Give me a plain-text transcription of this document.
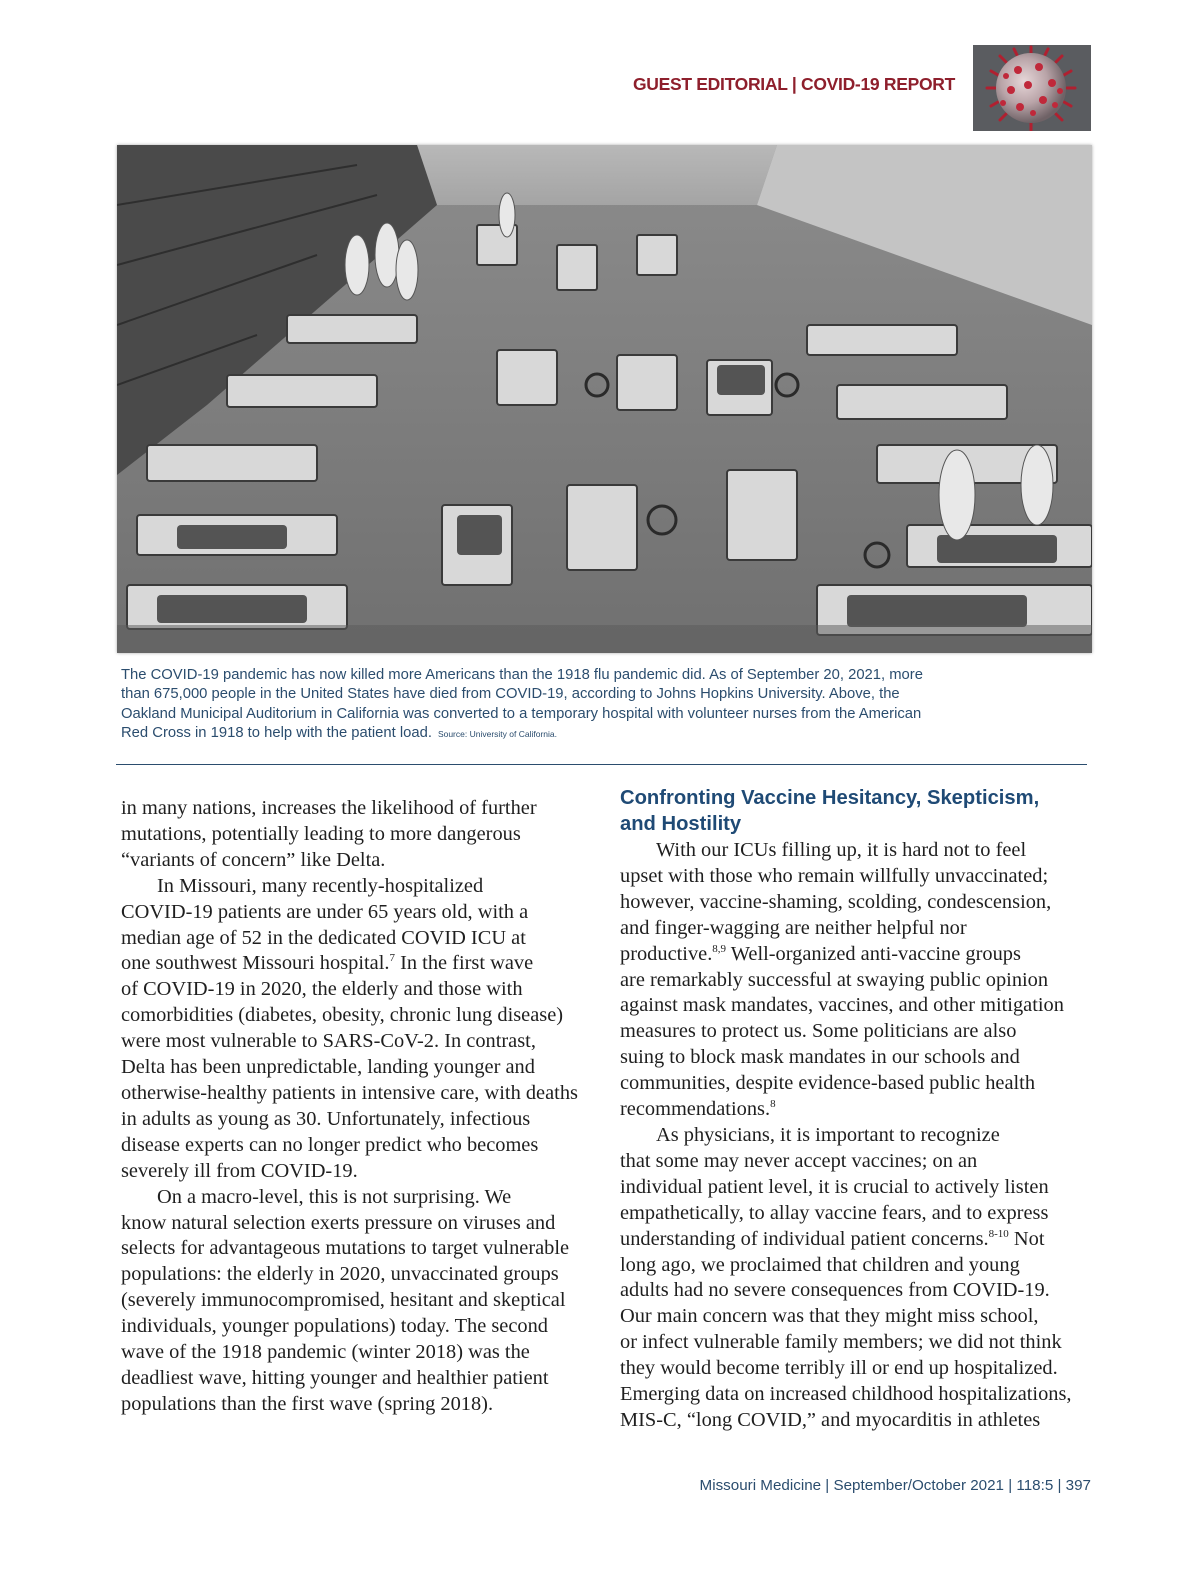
GUEST EDITORIAL | COVID-19 REPORT
The COVID-19 pandemic has now killed more Americans than the 1918 flu pandemic did. As of September 20, 2021, more
than 675,000 people in the United States have died from COVID-19, according to Johns Hopkins University. Above, the
Oakland Municipal Auditorium in California was converted to a temporary hospital with volunteer nurses from the American
Red Cross in 1918 to help with the patient load. Source: University of California.

in many nations, increases the likelihood of further

mutations, potentially leading to more dangerous

“variants of concern” like Delta.

In Missouri, many recently-hospitalized

COVID-19 patients are under 65 years old, with a

median age of 52 in the dedicated COVID ICU at

one southwest Missouri hospital.$^7$ In the first wave

of COVID-19 in 2020, the elderly and those with

comorbidities (diabetes, obesity, chronic lung disease)

were most vulnerable to SARS-CoV-2. In contrast,

Delta has been unpredictable, landing younger and

otherwise-healthy patients in intensive care, with deaths

in adults as young as 30. Unfortunately, infectious

disease experts can no longer predict who becomes

severely ill from COVID-19.

On a macro-level, this is not surprising. We

know natural selection exerts pressure on viruses and

selects for advantageous mutations to target vulnerable

populations: the elderly in 2020, unvaccinated groups

(severely immunocompromised, hesitant and skeptical

individuals, younger populations) today. The second

wave of the 1918 pandemic (winter 2018) was the

deadliest wave, hitting younger and healthier patient

populations than the first wave (spring 2018).

Confronting Vaccine Hesitancy, Skepticism,
and Hostility

With our ICUs filling up, it is hard not to feel

upset with those who remain willfully unvaccinated;

however, vaccine-shaming, scolding, condescension,

and finger-wagging are neither helpful nor

productive.$^{8,9}$ Well-organized anti-vaccine groups

are remarkably successful at swaying public opinion

against mask mandates, vaccines, and other mitigation

measures to protect us. Some politicians are also

suing to block mask mandates in our schools and

communities, despite evidence-based public health

recommendations.$^8$

As physicians, it is important to recognize

that some may never accept vaccines; on an

individual patient level, it is crucial to actively listen

empathetically, to allay vaccine fears, and to express

understanding of individual patient concerns.$^{8-10}$ Not

long ago, we proclaimed that children and young

adults had no severe consequences from COVID-19.

Our main concern was that they might miss school,

or infect vulnerable family members; we did not think

they would become terribly ill or end up hospitalized.

Emerging data on increased childhood hospitalizations,

MIS-C, “long COVID,” and myocarditis in athletes

Missouri Medicine | September/October 2021 | 118:5 | 397
